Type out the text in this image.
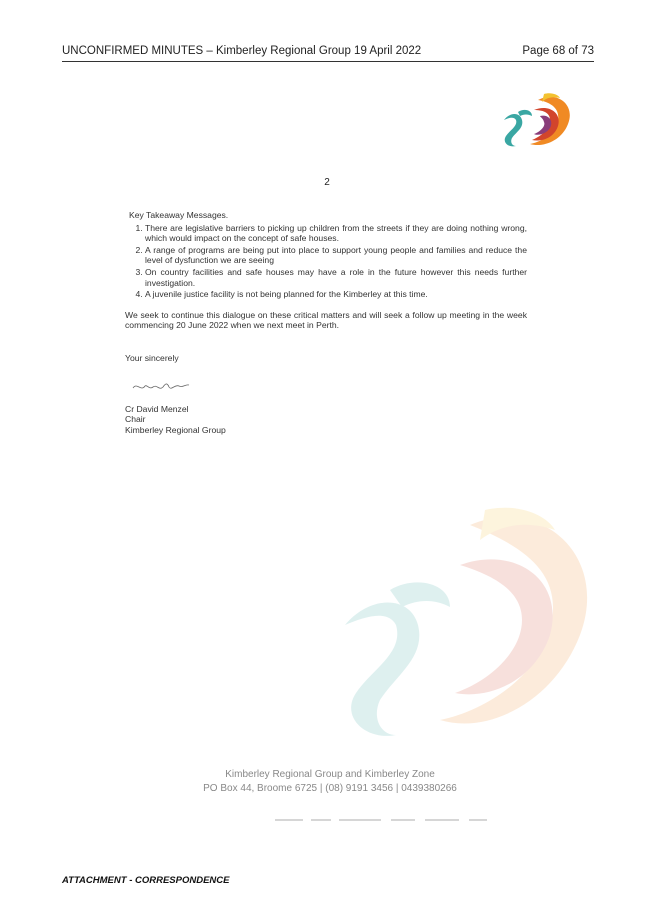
UNCONFIRMED MINUTES – Kimberley Regional Group 19 April 2022	Page 68 of 73
2
Key Takeaway Messages.
1. There are legislative barriers to picking up children from the streets if they are doing nothing wrong, which would impact on the concept of safe houses.
2. A range of programs are being put into place to support young people and families and reduce the level of dysfunction we are seeing
3. On country facilities and safe houses may have a role in the future however this needs further investigation.
4. A juvenile justice facility is not being planned for the Kimberley at this time.
We seek to continue this dialogue on these critical matters and will seek a follow up meeting in the week commencing 20 June 2022 when we next meet in Perth.
Your sincerely
Cr David Menzel
Chair
Kimberley Regional Group
Kimberley Regional Group and Kimberley Zone
PO Box 44, Broome 6725 | (08) 9191 3456 | 0439380266
ATTACHMENT - CORRESPONDENCE
